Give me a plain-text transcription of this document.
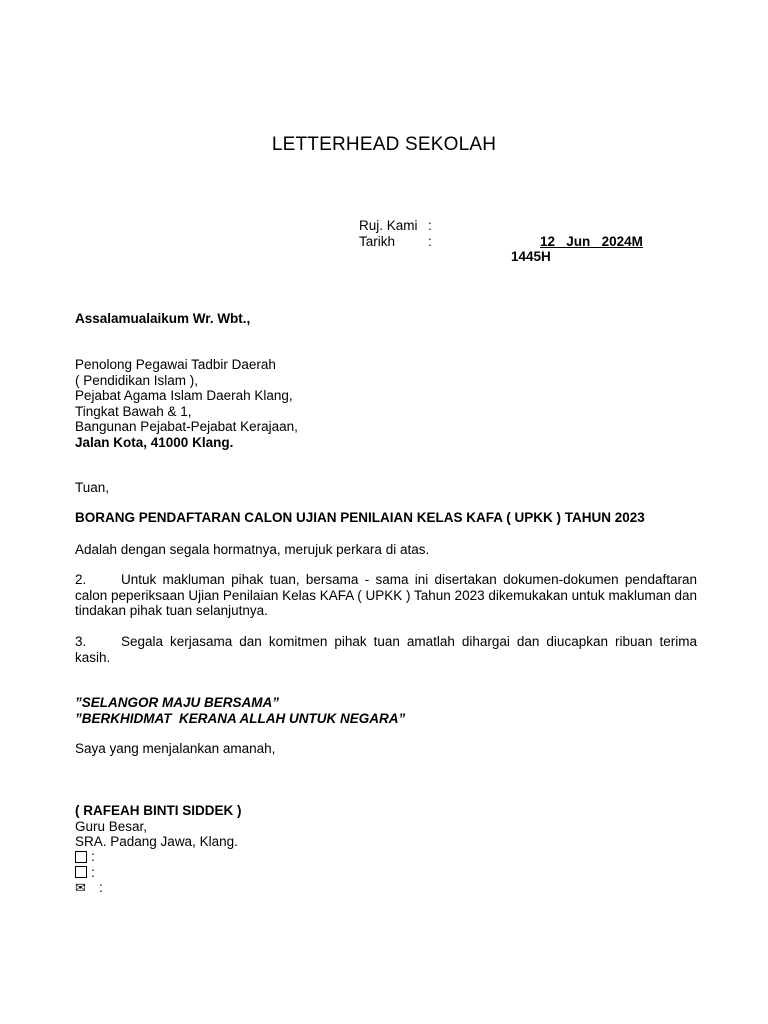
LETTERHEAD SEKOLAH
Ruj. Kami :
Tarikh :	12 Jun 2024M
1445H
Assalamualaikum Wr. Wbt.,
Penolong Pegawai Tadbir Daerah
( Pendidikan Islam ),
Pejabat Agama Islam Daerah Klang,
Tingkat Bawah & 1,
Bangunan Pejabat-Pejabat Kerajaan,
Jalan Kota, 41000 Klang.
Tuan,
BORANG PENDAFTARAN CALON UJIAN PENILAIAN KELAS KAFA ( UPKK ) TAHUN 2023
Adalah dengan segala hormatnya, merujuk perkara di atas.
2.	Untuk makluman pihak tuan, bersama - sama ini disertakan dokumen-dokumen pendaftaran calon peperiksaan Ujian Penilaian Kelas KAFA ( UPKK ) Tahun 2023 dikemukakan untuk makluman dan tindakan pihak tuan selanjutnya.
3.	Segala kerjasama dan komitmen pihak tuan amatlah dihargai dan diucapkan ribuan terima kasih.
”SELANGOR MAJU BERSAMA”
”BERKHIDMAT  KERANA ALLAH UNTUK NEGARA”
Saya yang menjalankan amanah,
( RAFEAH BINTI SIDDEK )
Guru Besar,
SRA. Padang Jawa, Klang.
:
:
✉ :
